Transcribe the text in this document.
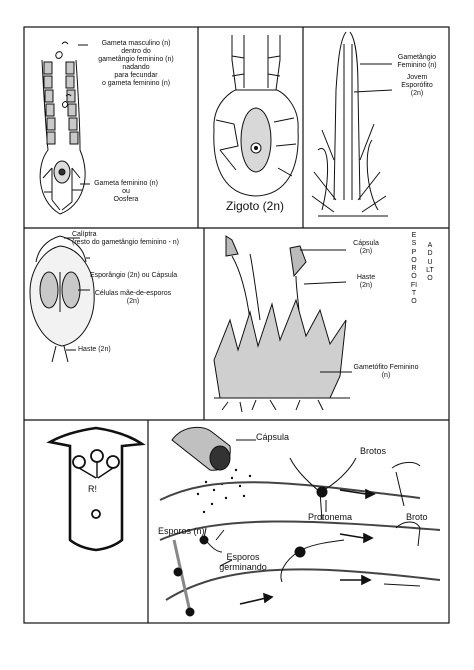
Gameta masculino (n)
dentro do
gametângio feminino (n)
nadando
para fecundar
o gameta feminino (n)
Gameta feminino (n)
ou
Oosfera	Zigoto (2n)
Gametângio
Feminino (n)
Jovem
Esporófito
(2n)
Calíptra
(resto do gametângio feminino - n)
Esporângio (2n) ou Cápsula
Células mãe-de-esporos
(2n)
Haste (2n)
Cápsula
(2n)
Haste
(2n)
Gametófito Feminino
(n)
ESPORÓFITO
ADULTO
R!
Cápsula
Brotos
Broto
Esporos (n)
Esporos
germinando
Protonema
